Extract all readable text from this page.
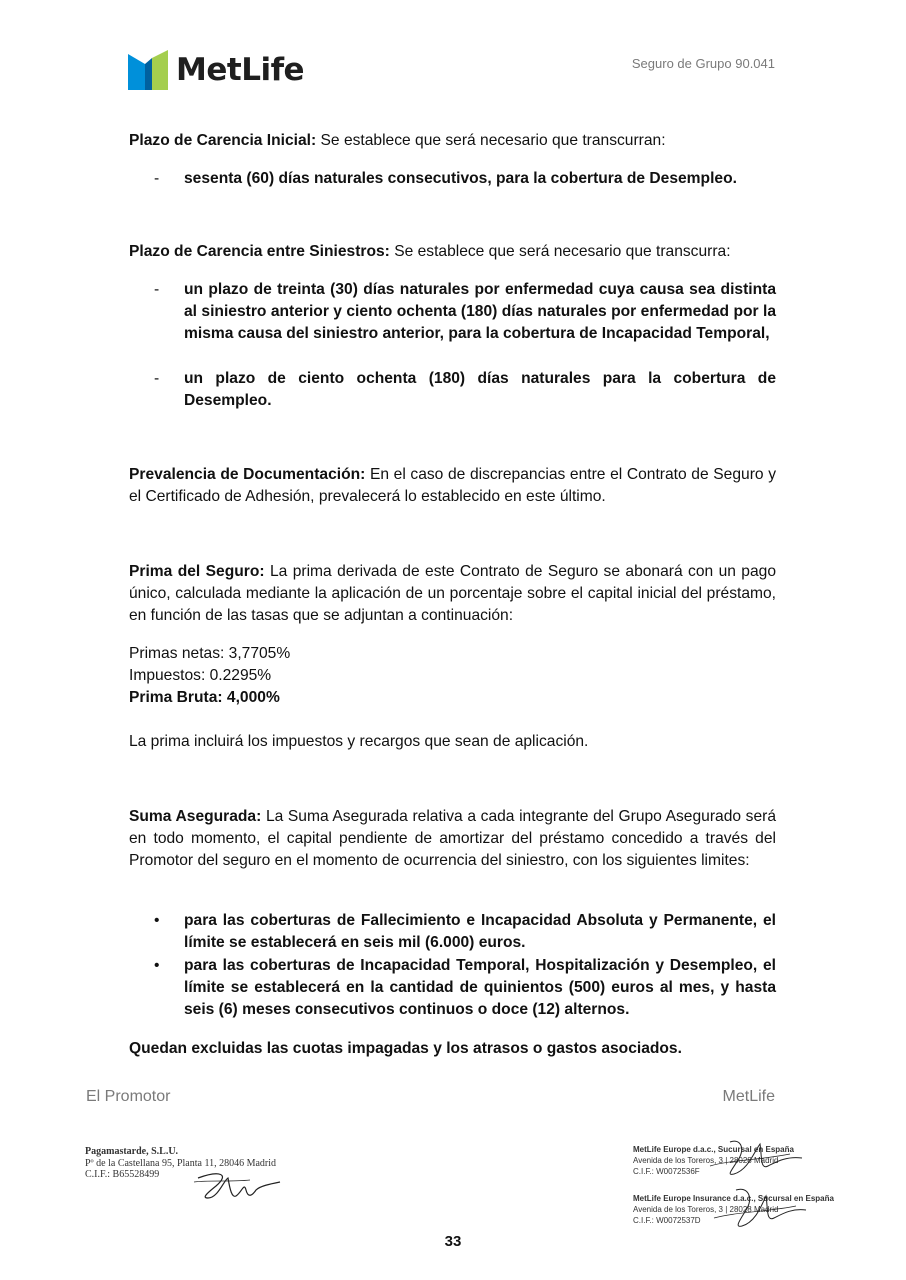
MetLife	Seguro de Grupo 90.041
Plazo de Carencia Inicial: Se establece que será necesario que transcurran:
- sesenta (60) días naturales consecutivos, para la cobertura de Desempleo.
Plazo de Carencia entre Siniestros: Se establece que será necesario que transcurra:
- un plazo de treinta (30) días naturales por enfermedad cuya causa sea distinta al siniestro anterior y ciento ochenta (180) días naturales por enfermedad por la misma causa del siniestro anterior, para la cobertura de Incapacidad Temporal,
- un plazo de ciento ochenta (180) días naturales para la cobertura de Desempleo.
Prevalencia de Documentación: En el caso de discrepancias entre el Contrato de Seguro y el Certificado de Adhesión, prevalecerá lo establecido en este último.
Prima del Seguro: La prima derivada de este Contrato de Seguro se abonará con un pago único, calculada mediante la aplicación de un porcentaje sobre el capital inicial del préstamo, en función de las tasas que se adjuntan a continuación:
Primas netas: 3,7705%
Impuestos: 0.2295%
Prima Bruta: 4,000%
La prima incluirá los impuestos y recargos que sean de aplicación.
Suma Asegurada: La Suma Asegurada relativa a cada integrante del Grupo Asegurado será en todo momento, el capital pendiente de amortizar del préstamo concedido a través del Promotor del seguro en el momento de ocurrencia del siniestro, con los siguientes limites:
• para las coberturas de Fallecimiento e Incapacidad Absoluta y Permanente, el límite se establecerá en seis mil (6.000) euros.
• para las coberturas de Incapacidad Temporal, Hospitalización y Desempleo, el límite se establecerá en la cantidad de quinientos (500) euros al mes, y hasta seis (6) meses consecutivos continuos o doce (12) alternos.
Quedan excluidas las cuotas impagadas y los atrasos o gastos asociados.
El Promotor	MetLife
Pagamastarde, S.L.U.
Pº de la Castellana 95, Planta 11, 28046 Madrid
C.I.F.: B65528499
MetLife Europe d.a.c., Sucursal en España
Avenida de los Toreros, 3 | 28028 Madrid
C.I.F.: W0072536F
MetLife Europe Insurance d.a.c., Sucursal en España
Avenida de los Toreros, 3 | 28028 Madrid
C.I.F.: W0072537D
33
